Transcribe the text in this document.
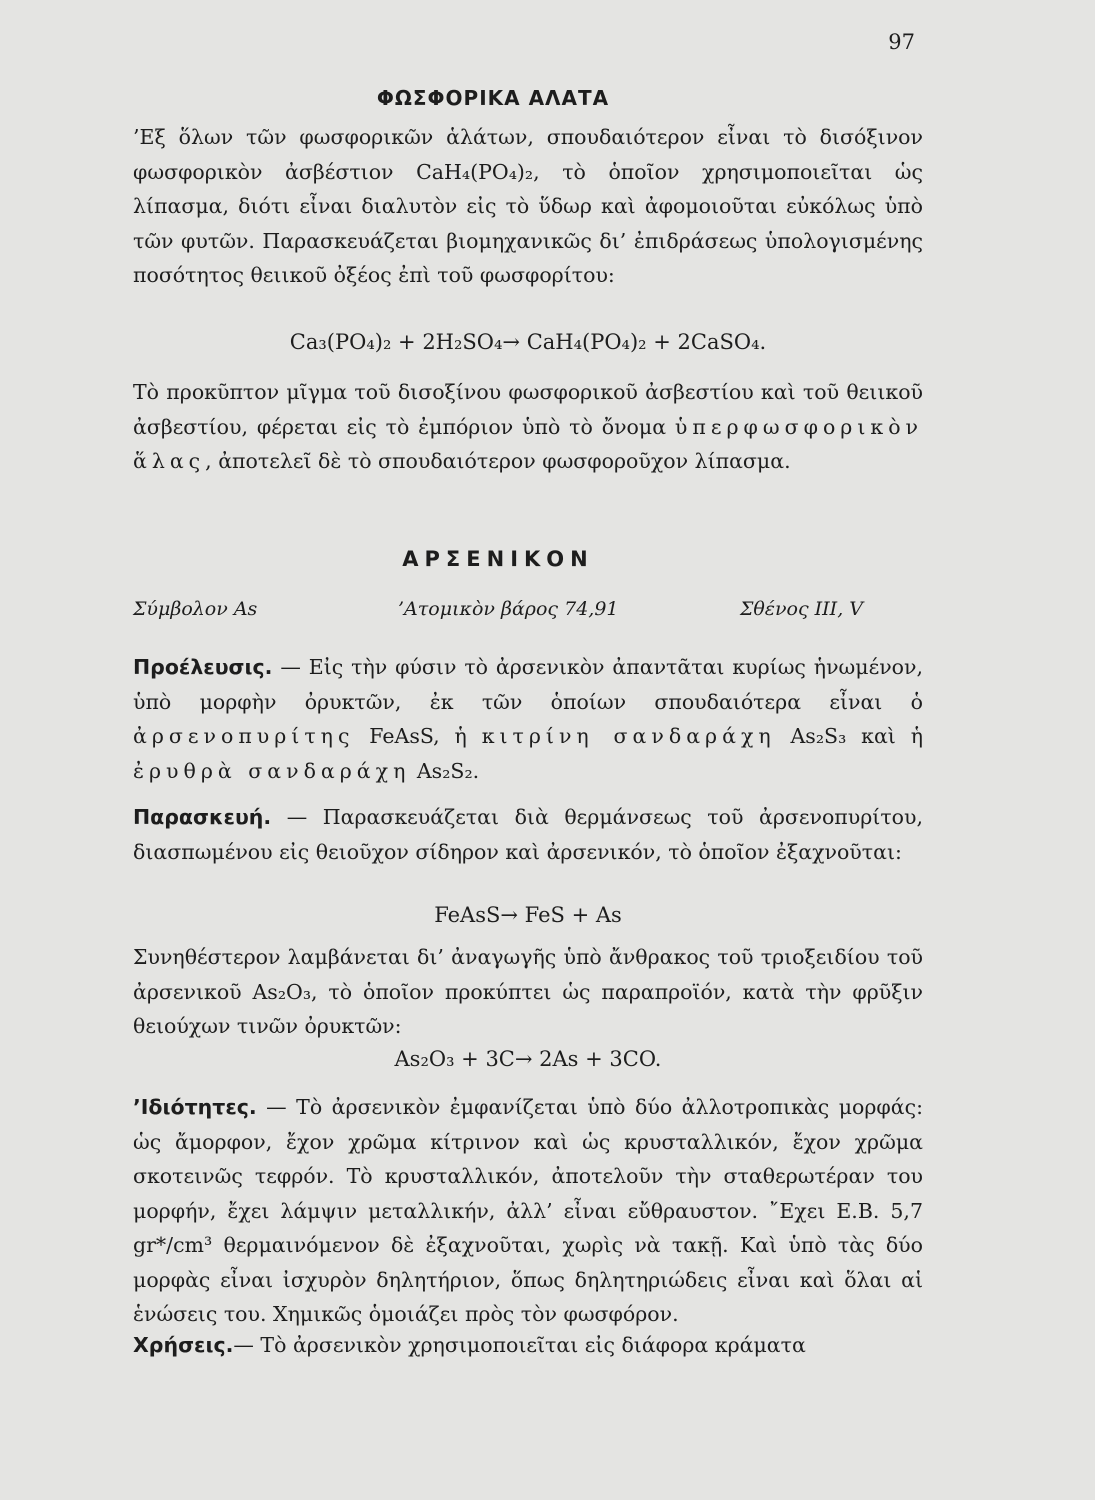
97
ΦΩΣΦΟΡΙΚΑ ΑΛΑΤΑ
’Εξ ὅλων τῶν φωσφορικῶν ἁλάτων, σπουδαιότερον εἶναι τὸ δισόξινον φωσφορικὸν ἀσβέστιον CaH₄(PO₄)₂, τὸ ὁποῖον χρησιμοποιεῖται ὡς λίπασμα, διότι εἶναι διαλυτὸν εἰς τὸ ὕδωρ καὶ ἀφομοιοῦται εὐκόλως ὑπὸ τῶν φυτῶν. Παρασκευάζεται βιομηχανικῶς δι’ ἐπιδράσεως ὑπολογισμένης ποσότητος θειικοῦ ὀξέος ἐπὶ τοῦ φωσφορίτου:
Ca₃(PO₄)₂ + 2H₂SO₄→ CaH₄(PO₄)₂ + 2CaSO₄.
Τὸ προκῦπτον μῖγμα τοῦ δισοξίνου φωσφορικοῦ ἀσβεστίου καὶ τοῦ θειικοῦ ἀσβεστίου, φέρεται εἰς τὸ ἐμπόριον ὑπὸ τὸ ὄνομα ὑπερφωσφορικὸν ἅλας, ἀποτελεῖ δὲ τὸ σπουδαιότερον φωσφοροῦχον λίπασμα.
ΑΡΣΕΝΙΚΟΝ
Σύμβολον As	’Ατομικὸν βάρος 74,91	Σθένος III, V
Προέλευσις. — Εἰς τὴν φύσιν τὸ ἀρσενικὸν ἀπαντᾶται κυρίως ἡνωμένον, ὑπὸ μορφὴν ὀρυκτῶν, ἐκ τῶν ὁποίων σπουδαιότερα εἶναι ὁ ἀρσενοπυρίτης FeAsS, ἡ κιτρίνη σανδαράχη As₂S₃ καὶ ἡ ἐρυθρὰ σανδαράχη As₂S₂.
Παρασκευή. — Παρασκευάζεται διὰ θερμάνσεως τοῦ ἀρσενοπυρίτου, διασπωμένου εἰς θειοῦχον σίδηρον καὶ ἀρσενικόν, τὸ ὁποῖον ἐξαχνοῦται:
FeAsS→ FeS + As
Συνηθέστερον λαμβάνεται δι’ ἀναγωγῆς ὑπὸ ἄνθρακος τοῦ τριοξειδίου τοῦ ἀρσενικοῦ As₂O₃, τὸ ὁποῖον προκύπτει ὡς παραπροϊόν, κατὰ τὴν φρῦξιν θειούχων τινῶν ὀρυκτῶν:
As₂O₃ + 3C→ 2As + 3CO.
’Ιδιότητες. — Τὸ ἀρσενικὸν ἐμφανίζεται ὑπὸ δύο ἀλλοτροπικὰς μορφάς: ὡς ἄμορφον, ἔχον χρῶμα κίτρινον καὶ ὡς κρυσταλλικόν, ἔχον χρῶμα σκοτεινῶς τεφρόν. Τὸ κρυσταλλικόν, ἀποτελοῦν τὴν σταθερωτέραν του μορφήν, ἔχει λάμψιν μεταλλικήν, ἀλλ’ εἶναι εὔθραυστον. ῎Εχει Ε.Β. 5,7 gr*/cm³ θερμαινόμενον δὲ ἐξαχνοῦται, χωρὶς νὰ τακῇ. Καὶ ὑπὸ τὰς δύο μορφὰς εἶναι ἰσχυρὸν δηλητήριον, ὅπως δηλητηριώδεις εἶναι καὶ ὅλαι αἱ ἑνώσεις του. Χημικῶς ὁμοιάζει πρὸς τὸν φωσφόρον.
Χρήσεις.— Τὸ ἀρσενικὸν χρησιμοποιεῖται εἰς διάφορα κράματα
